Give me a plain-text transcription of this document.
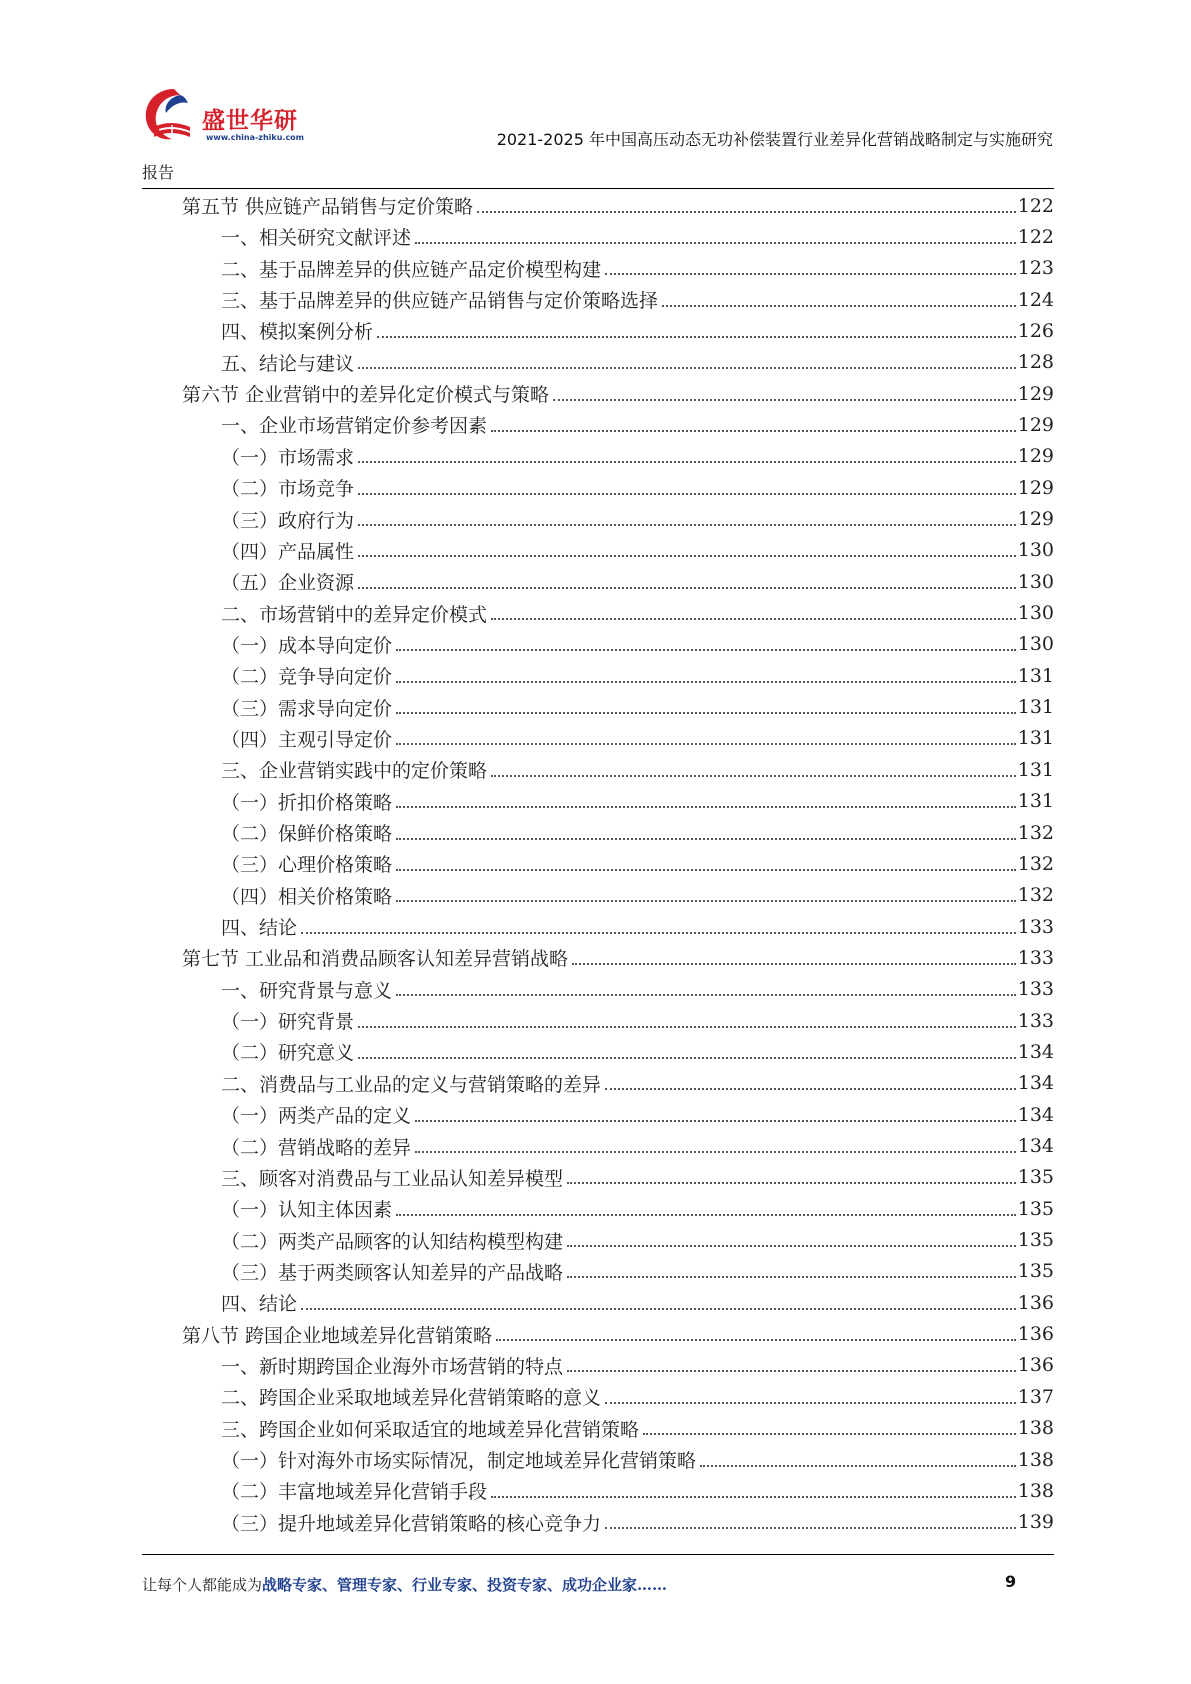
盛世华研
www.china-zhiku.com	2021-2025 年中国高压动态无功补偿装置行业差异化营销战略制定与实施研究
报告
第五节 供应链产品销售与定价策略	122
一、相关研究文献评述	122
二、基于品牌差异的供应链产品定价模型构建	123
三、基于品牌差异的供应链产品销售与定价策略选择	124
四、模拟案例分析	126
五、结论与建议	128
第六节 企业营销中的差异化定价模式与策略	129
一、企业市场营销定价参考因素	129
（一）市场需求	129
（二）市场竞争	129
（三）政府行为	129
（四）产品属性	130
（五）企业资源	130
二、市场营销中的差异定价模式	130
（一）成本导向定价	130
（二）竞争导向定价	131
（三）需求导向定价	131
（四）主观引导定价	131
三、企业营销实践中的定价策略	131
（一）折扣价格策略	131
（二）保鲜价格策略	132
（三）心理价格策略	132
（四）相关价格策略	132
四、结论	133
第七节 工业品和消费品顾客认知差异营销战略	133
一、研究背景与意义	133
（一）研究背景	133
（二）研究意义	134
二、消费品与工业品的定义与营销策略的差异	134
（一）两类产品的定义	134
（二）营销战略的差异	134
三、顾客对消费品与工业品认知差异模型	135
（一）认知主体因素	135
（二）两类产品顾客的认知结构模型构建	135
（三）基于两类顾客认知差异的产品战略	135
四、结论	136
第八节 跨国企业地域差异化营销策略	136
一、新时期跨国企业海外市场营销的特点	136
二、跨国企业采取地域差异化营销策略的意义	137
三、跨国企业如何采取适宜的地域差异化营销策略	138
（一）针对海外市场实际情况，制定地域差异化营销策略	138
（二）丰富地域差异化营销手段	138
（三）提升地域差异化营销策略的核心竞争力	139
让每个人都能成为战略专家、管理专家、行业专家、投资专家、成功企业家……	9
